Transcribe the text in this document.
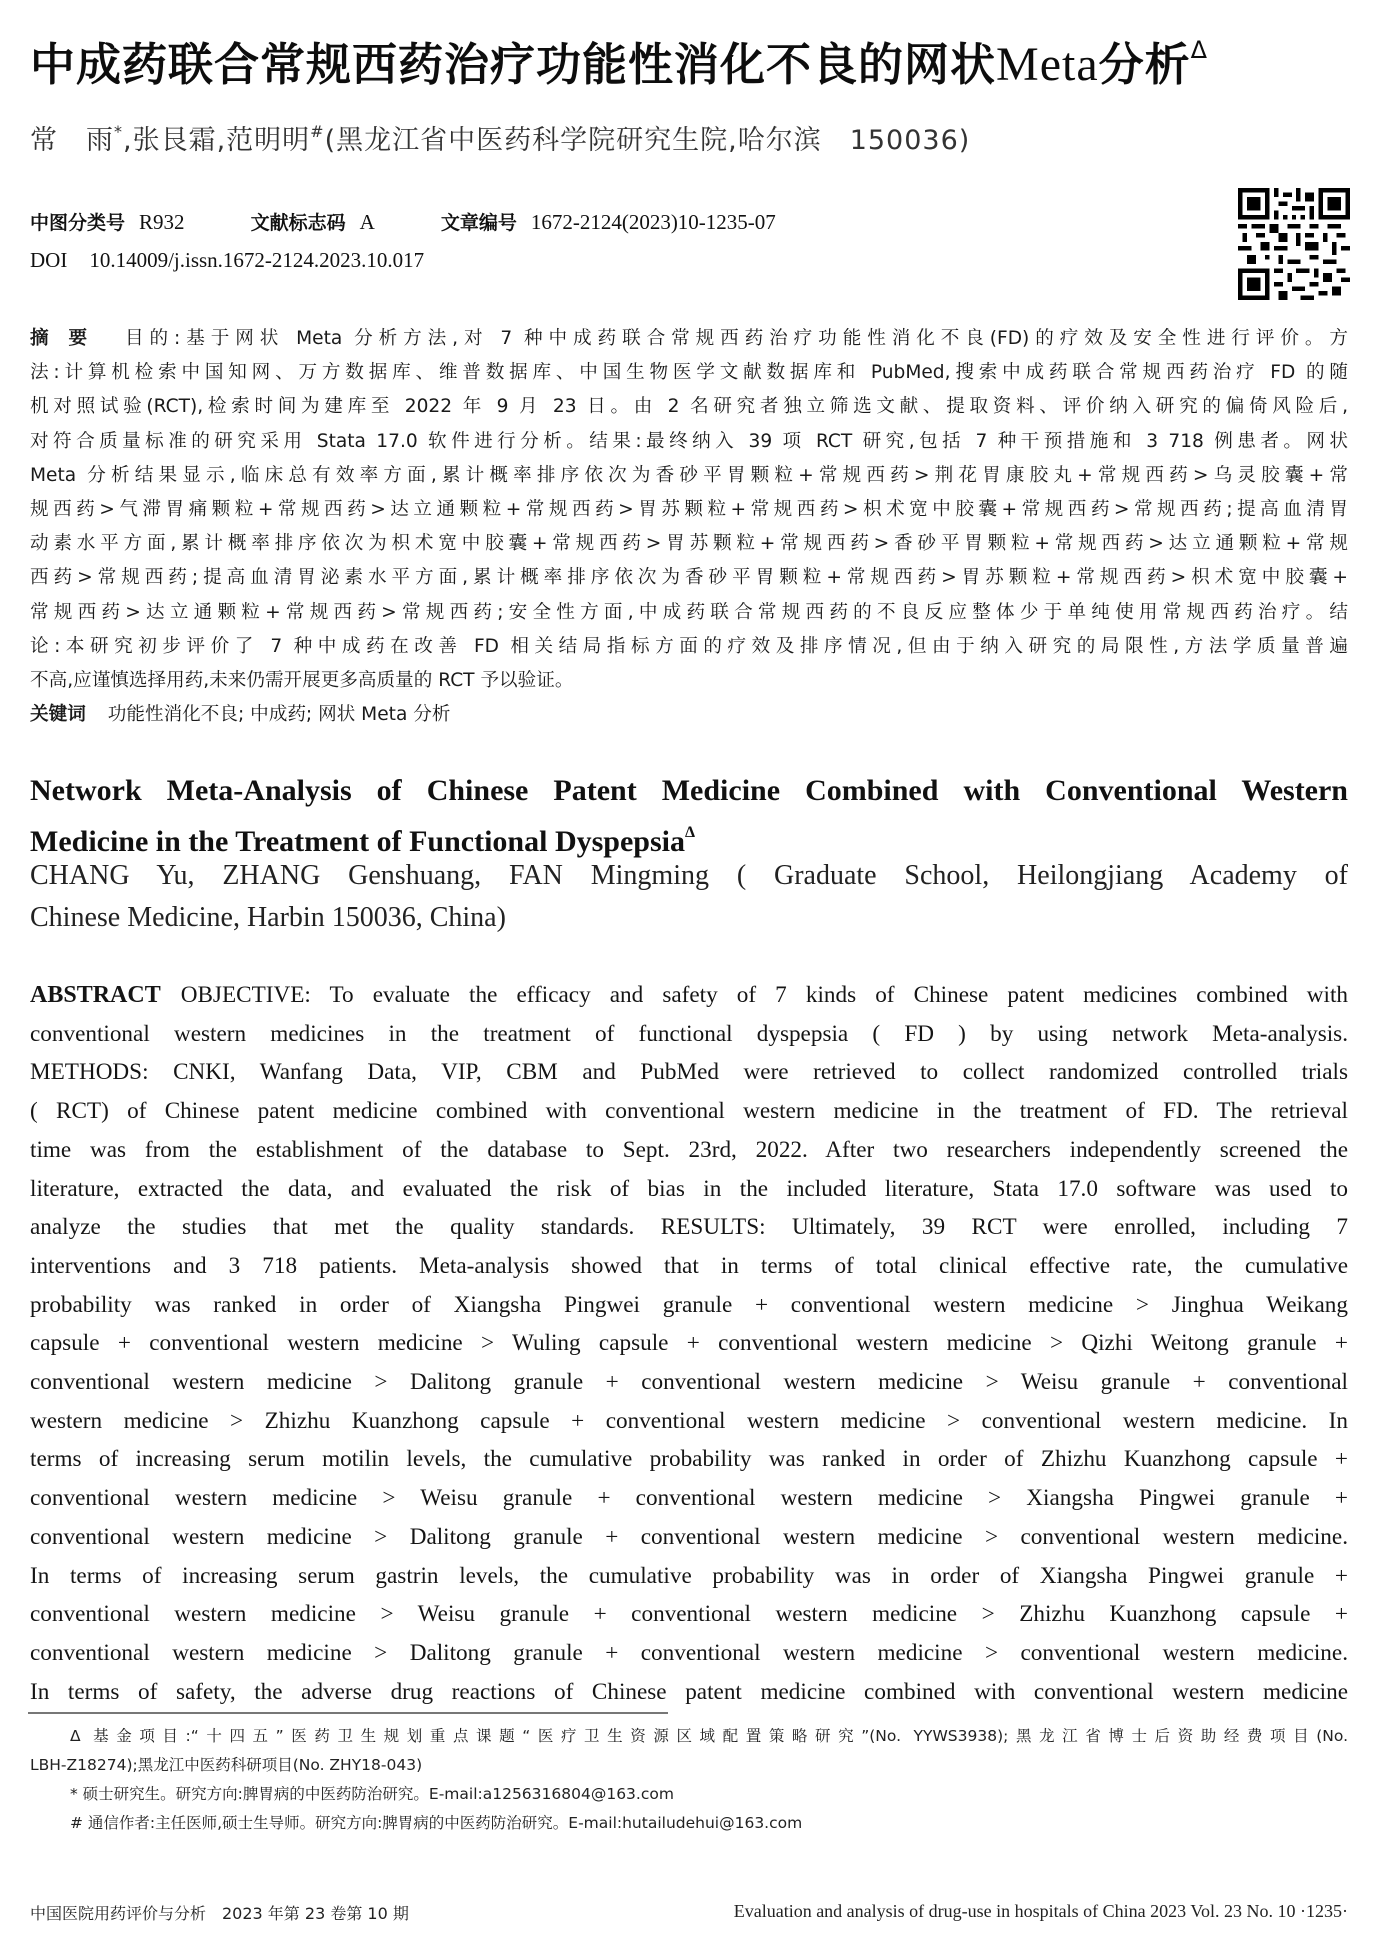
中成药联合常规西药治疗功能性消化不良的网状Meta分析$^\Delta$
常　雨*,张艮霜,范明明#(黑龙江省中医药科学院研究生院,哈尔滨　150036)
中图分类号 R932	文献标志码 A	文章编号 1672-2124(2023)10-1235-07
DOI 10.14009/j.issn.1672-2124.2023.10.017
摘要 目的:基于网状 Meta 分析方法,对 7 种中成药联合常规西药治疗功能性消化不良(FD)的疗效及安全性进行评价。方
法:计算机检索中国知网、万方数据库、维普数据库、中国生物医学文献数据库和 PubMed,搜索中成药联合常规西药治疗 FD 的随
机对照试验(RCT),检索时间为建库至 2022 年 9 月 23 日。由 2 名研究者独立筛选文献、提取资料、评价纳入研究的偏倚风险后,
对符合质量标准的研究采用 Stata 17.0 软件进行分析。结果:最终纳入 39 项 RCT 研究,包括 7 种干预措施和 3 718 例患者。网状
Meta 分析结果显示,临床总有效率方面,累计概率排序依次为香砂平胃颗粒+常规西药>荆花胃康胶丸+常规西药>乌灵胶囊+常
规西药>气滞胃痛颗粒+常规西药>达立通颗粒+常规西药>胃苏颗粒+常规西药>枳术宽中胶囊+常规西药>常规西药;提高血清胃
动素水平方面,累计概率排序依次为枳术宽中胶囊+常规西药>胃苏颗粒+常规西药>香砂平胃颗粒+常规西药>达立通颗粒+常规
西药>常规西药;提高血清胃泌素水平方面,累计概率排序依次为香砂平胃颗粒+常规西药>胃苏颗粒+常规西药>枳术宽中胶囊+
常规西药>达立通颗粒+常规西药>常规西药;安全性方面,中成药联合常规西药的不良反应整体少于单纯使用常规西药治疗。结
论:本研究初步评价了 7 种中成药在改善 FD 相关结局指标方面的疗效及排序情况,但由于纳入研究的局限性,方法学质量普遍
不高,应谨慎选择用药,未来仍需开展更多高质量的 RCT 予以验证。
关键词 功能性消化不良; 中成药; 网状 Meta 分析
Network Meta-Analysis of Chinese Patent Medicine Combined with Conventional Western
Medicine in the Treatment of Functional Dyspepsia$^\Delta$
CHANG Yu, ZHANG Genshuang, FAN Mingming ( Graduate School, Heilongjiang Academy of
Chinese Medicine, Harbin 150036, China)
ABSTRACT OBJECTIVE: To evaluate the efficacy and safety of 7 kinds of Chinese patent medicines combined with
conventional western medicines in the treatment of functional dyspepsia ( FD ) by using network Meta-analysis.
METHODS: CNKI, Wanfang Data, VIP, CBM and PubMed were retrieved to collect randomized controlled trials
( RCT) of Chinese patent medicine combined with conventional western medicine in the treatment of FD. The retrieval
time was from the establishment of the database to Sept. 23rd, 2022. After two researchers independently screened the
literature, extracted the data, and evaluated the risk of bias in the included literature, Stata 17.0 software was used to
analyze the studies that met the quality standards. RESULTS: Ultimately, 39 RCT were enrolled, including 7
interventions and 3 718 patients. Meta-analysis showed that in terms of total clinical effective rate, the cumulative
probability was ranked in order of Xiangsha Pingwei granule + conventional western medicine > Jinghua Weikang
capsule + conventional western medicine > Wuling capsule + conventional western medicine > Qizhi Weitong granule +
conventional western medicine > Dalitong granule + conventional western medicine > Weisu granule + conventional
western medicine > Zhizhu Kuanzhong capsule + conventional western medicine > conventional western medicine. In
terms of increasing serum motilin levels, the cumulative probability was ranked in order of Zhizhu Kuanzhong capsule +
conventional western medicine > Weisu granule + conventional western medicine > Xiangsha Pingwei granule +
conventional western medicine > Dalitong granule + conventional western medicine > conventional western medicine.
In terms of increasing serum gastrin levels, the cumulative probability was in order of Xiangsha Pingwei granule +
conventional western medicine > Weisu granule + conventional western medicine > Zhizhu Kuanzhong capsule +
conventional western medicine > Dalitong granule + conventional western medicine > conventional western medicine.
In terms of safety, the adverse drug reactions of Chinese patent medicine combined with conventional western medicine
Δ 基金项目:“十四五”医药卫生规划重点课题“医疗卫生资源区域配置策略研究”(No. YYWS3938);黑龙江省博士后资助经费项目(No.
LBH-Z18274);黑龙江中医药科研项目(No. ZHY18-043)
* 硕士研究生。研究方向:脾胃病的中医药防治研究。E-mail:a1256316804@163.com
# 通信作者:主任医师,硕士生导师。研究方向:脾胃病的中医药防治研究。E-mail:hutailudehui@163.com
中国医院用药评价与分析　2023 年第 23 卷第 10 期	Evaluation and analysis of drug-use in hospitals of China 2023 Vol. 23 No. 10 ·1235·
